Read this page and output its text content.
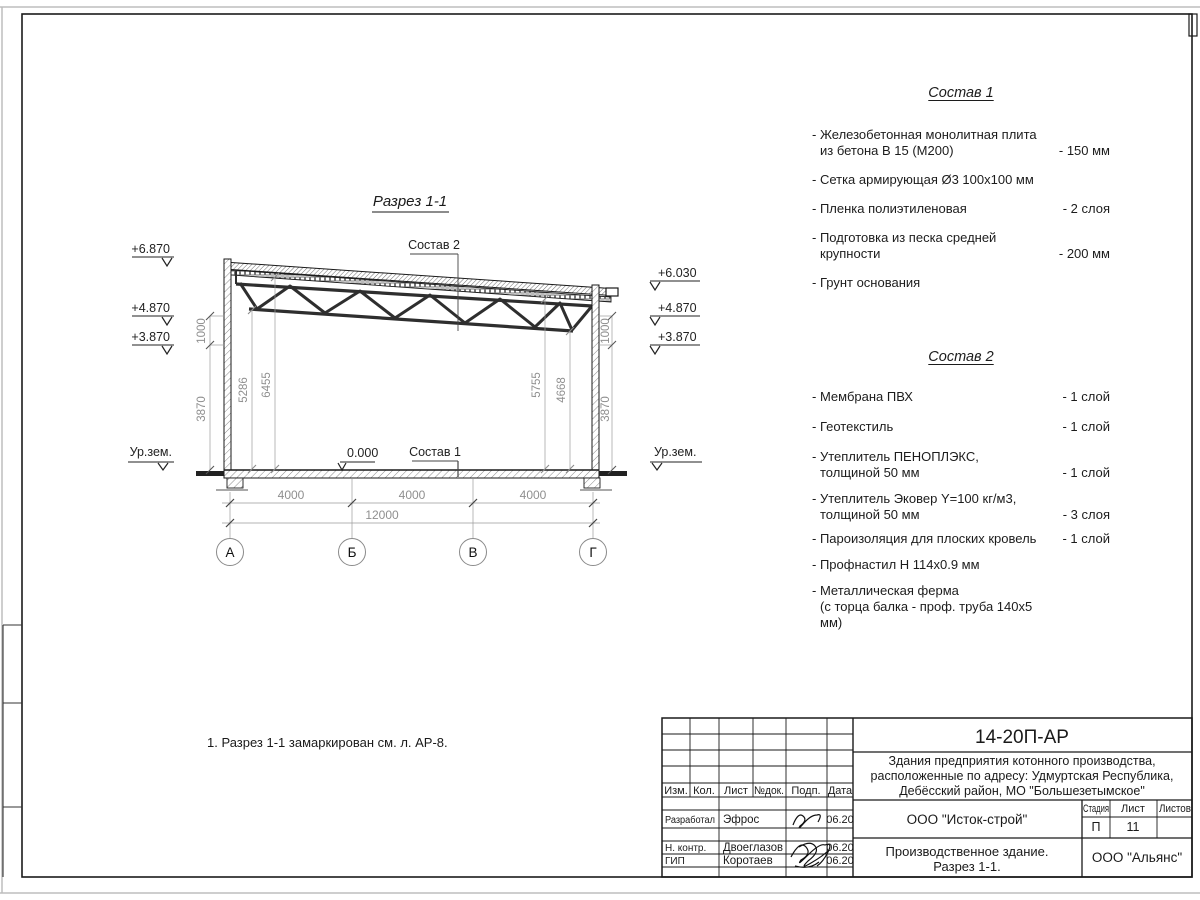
Разрез 1-1
Состав 2
Состав 1
0.000
Ур.зем.	Ур.зем.
+6.870
+4.870
+3.870
+6.030
+4.870
+3.870
5286 6455	5755 4668
1000
3870
1000
3870
4000	4000	4000
12000
А	Б	В	Г
1. Разрез 1-1 замаркирован см. л. АР-8.	14-20П-АР
Здания предприятия котонного производства,
расположенные по адресу: Удмуртская Республика,
Дебёсский район, МО "Большезетымское"
ООО "Исток-строй"
Производственное здание.
Разрез 1-1.
ООО "Альянс"
Стадия Лист Листов
П 11
Изм. Кол. Лист №док. Подп. Дата
Разработал Эфрос	06.20
Н. контр. Двоеглазов	06.20
ГИП	Коротаев	06.20
Состав 1
- Железобетонная монолитная плита
из бетона В 15 (М200)	- 150 мм
- Сетка армирующая Ø3 100х100 мм
- Пленка полиэтиленовая	- 2 слоя
- Подготовка из песка средней
крупности	- 200 мм
- Грунт основания
Состав 2
- Мембрана ПВХ	- 1 слой
- Геотекстиль	- 1 слой
- Утеплитель ПЕНОПЛЭКС,
толщиной 50 мм	- 1 слой
- Утеплитель Эковер Y=100 кг/м3,
толщиной 50 мм	- 3 слоя
- Пароизоляция для плоских кровель	- 1 слой
- Профнастил Н 114х0.9 мм
- Металлическая ферма
(с торца балка - проф. труба 140х5 мм)
